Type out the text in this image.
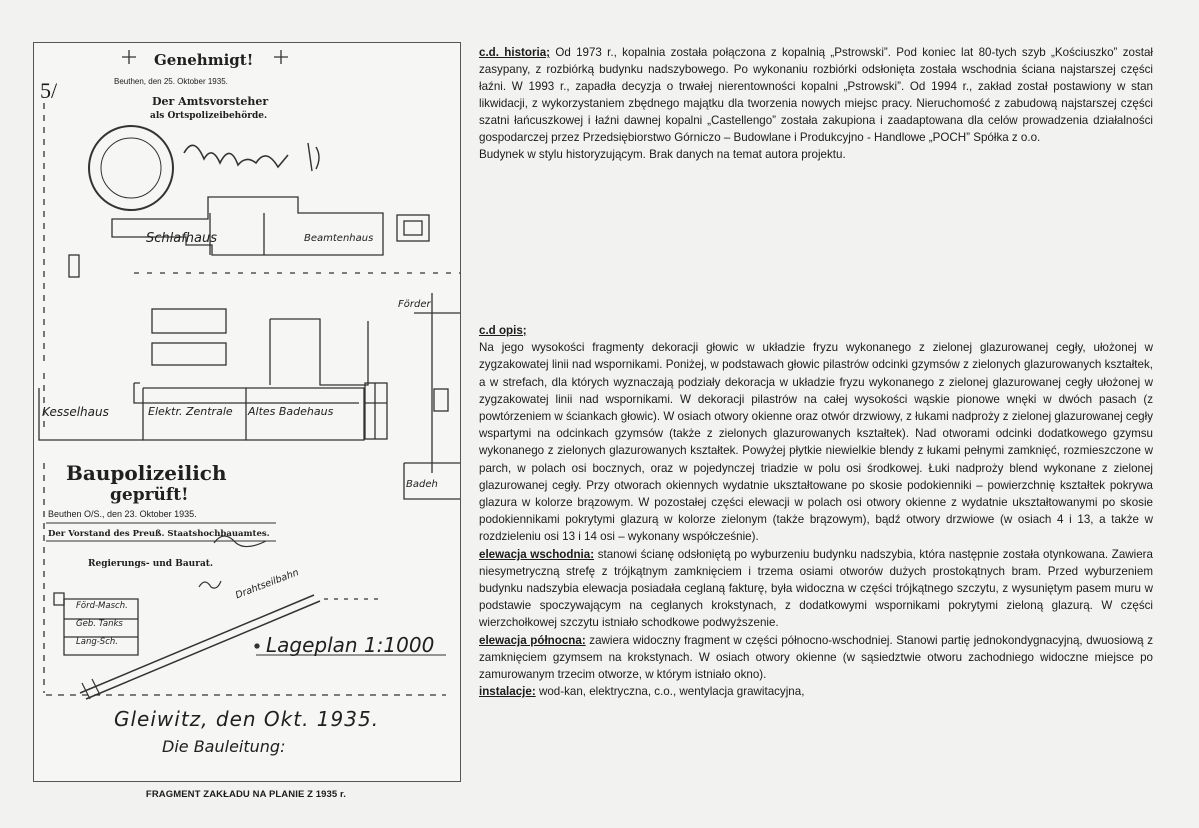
Genehmigt!
Beuthen, den 25. Oktober 1935.
Der Amtsvorsteher
als Ortspolizeibehörde.
Schlafhaus	Beamtenhaus
Förder
Kesselhaus	Elektr. Zentrale Altes Badehaus
Badeh
Baupolizeilich
geprüft!
Beuthen O/S., den 23. Oktober 1935.
Der Vorstand des Preuß. Staatshochbauamtes.
Regierungs- und Baurat.
Förd-Masch.
Geb. Tanks
Lang-Sch.
Drahtseilbahn
Lageplan 1:1000
Gleiwitz, den Okt. 1935.
Die Bauleitung:
5/
FRAGMENT ZAKŁADU NA PLANIE Z 1935 r.

c.d. historia; Od 1973 r., kopalnia została połączona z kopalnią „Pstrowski”. Pod koniec lat 80-tych szyb „Kościuszko” został zasypany, z rozbiórką budynku nadszybowego. Po wykonaniu rozbiórki odsłonięta została wschodnia ściana najstarszej części łaźni. W 1993 r., zapadła decyzja o trwałej nierentowności kopalni „Pstrowski”. Od 1994 r., zakład został postawiony w stan likwidacji, z wykorzystaniem zbędnego majątku dla tworzenia nowych miejsc pracy. Nieruchomość z zabudową najstarszej części szatni łańcuszkowej i łaźni dawnej kopalni „Castellengo” została zakupiona i zaadaptowana dla celów prowadzenia działalności gospodarczej przez Przedsiębiorstwo Górniczo – Budowlane i Produkcyjno - Handlowe „POCH” Spółka z o.o.

Budynek w stylu historyzującym. Brak danych na temat autora projektu.

c.d opis;

Na jego wysokości fragmenty dekoracji głowic w układzie fryzu wykonanego z zielonej glazurowanej cegły, ułożonej w zygzakowatej linii nad wspornikami. Poniżej, w podstawach głowic pilastrów odcinki gzymsów z zielonych glazurowanych kształtek, a w strefach, dla których wyznaczają podziały dekoracja w układzie fryzu wykonanego z zielonej glazurowanej cegły ułożonej w zygzakowatej linii nad wspornikami. W dekoracji pilastrów na całej wysokości wąskie pionowe wnęki w dwóch pasach (z powtórzeniem w ściankach głowic). W osiach otwory okienne oraz otwór drzwiowy, z łukami nadproży z zielonej glazurowanej cegły wspartymi na odcinkach gzymsów (także z zielonych glazurowanych kształtek). Nad otworami odcinki dodatkowego gzymsu wykonanego z zielonych glazurowanych kształtek. Powyżej płytkie niewielkie blendy z łukami pełnymi zamknięć, rozmieszczone w parch, w polach osi bocznych, oraz w pojedynczej triadzie w polu osi środkowej. Łuki nadproży blend wykonane z zielonej glazurowanej cegły. Przy otworach okiennych wydatnie ukształtowane po skosie podokienniki – powierzchnię kształtek pokrywa glazura w kolorze brązowym. W pozostałej części elewacji w polach osi otwory okienne z wydatnie ukształtowanymi po skosie podokiennikami pokrytymi glazurą w kolorze zielonym (także brązowym), bądź otwory drzwiowe (w osiach 4 i 13, a także w rozdzieleniu osi 13 i 14 osi – wykonany współcześnie).

elewacja wschodnia: stanowi ścianę odsłoniętą po wyburzeniu budynku nadszybia, która następnie została otynkowana. Zawiera niesymetryczną strefę z trójkątnym zamknięciem i trzema osiami otworów dużych prostokątnych bram. Przed wyburzeniem budynku nadszybia elewacja posiadała ceglaną fakturę, była widoczna w części trójkątnego szczytu, z wysuniętym pasem muru w podstawie spoczywającym na ceglanych krokstynach, z dodatkowymi wspornikami pokrytymi zieloną glazurą. W części wierzchołkowej szczytu istniało schodkowe podwyższenie.

elewacja północna: zawiera widoczny fragment w części północno-wschodniej. Stanowi partię jednokondygnacyjną, dwuosiową z zamknięciem gzymsem na krokstynach. W osiach otwory okienne (w sąsiedztwie otworu zachodniego widoczne miejsce po zamurowanym trzecim otworze, w którym istniało okno).

instalacje: wod-kan, elektryczna, c.o., wentylacja grawitacyjna,
